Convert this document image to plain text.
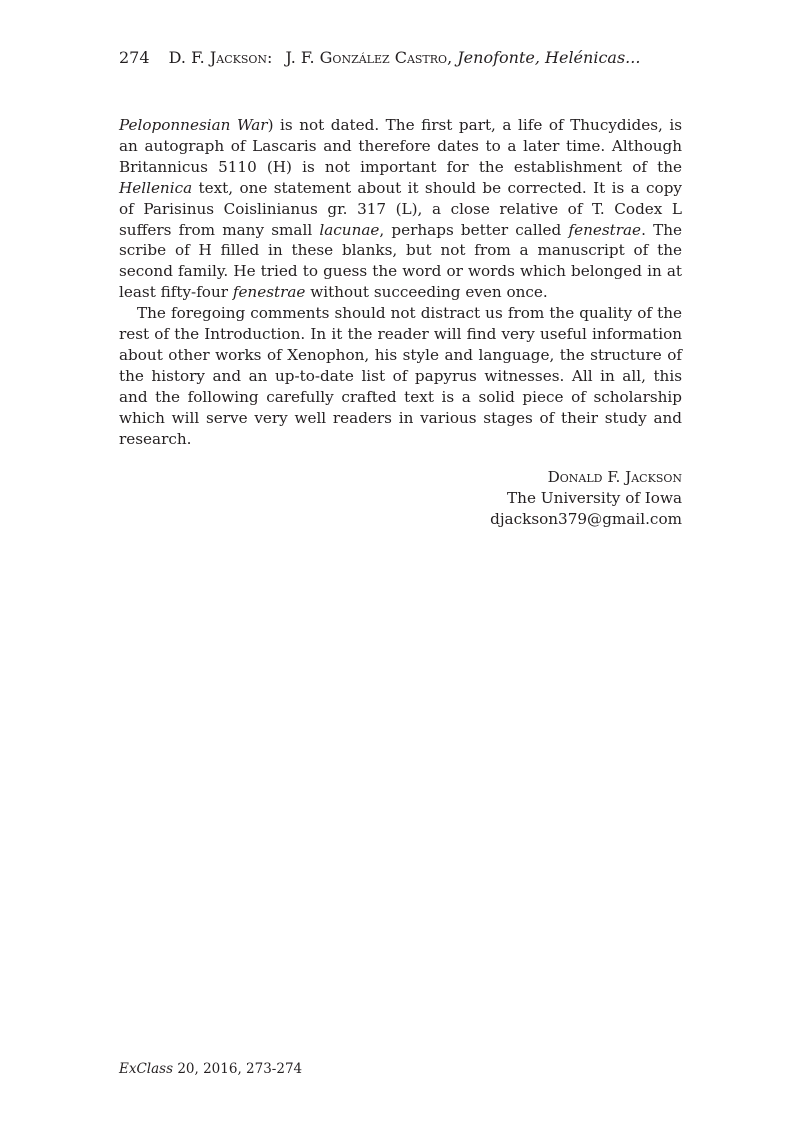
274 D. F. Jackson: J. F. González Castro, Jenofonte, Helénicas...

Peloponnesian War) is not dated. The first part, a life of Thucydides, is an autograph of Lascaris and therefore dates to a later time. Although Britannicus 5110 (H) is not important for the establishment of the Hellenica text, one statement about it should be corrected. It is a copy of Parisinus Coislinianus gr. 317 (L), a close relative of T. Codex L suffers from many small lacunae, perhaps better called fenestrae. The scribe of H filled in these blanks, but not from a manuscript of the second family. He tried to guess the word or words which belonged in at least fifty-four fenestrae without succeeding even once.

The foregoing comments should not distract us from the quality of the rest of the Introduction. In it the reader will find very useful information about other works of Xenophon, his style and language, the structure of the history and an up-to-date list of papyrus witnesses. All in all, this and the following carefully crafted text is a solid piece of scholarship which will serve very well readers in various stages of their study and research.

Donald F. Jackson
The University of Iowa
djackson379@gmail.com
ExClass 20, 2016, 273-274
